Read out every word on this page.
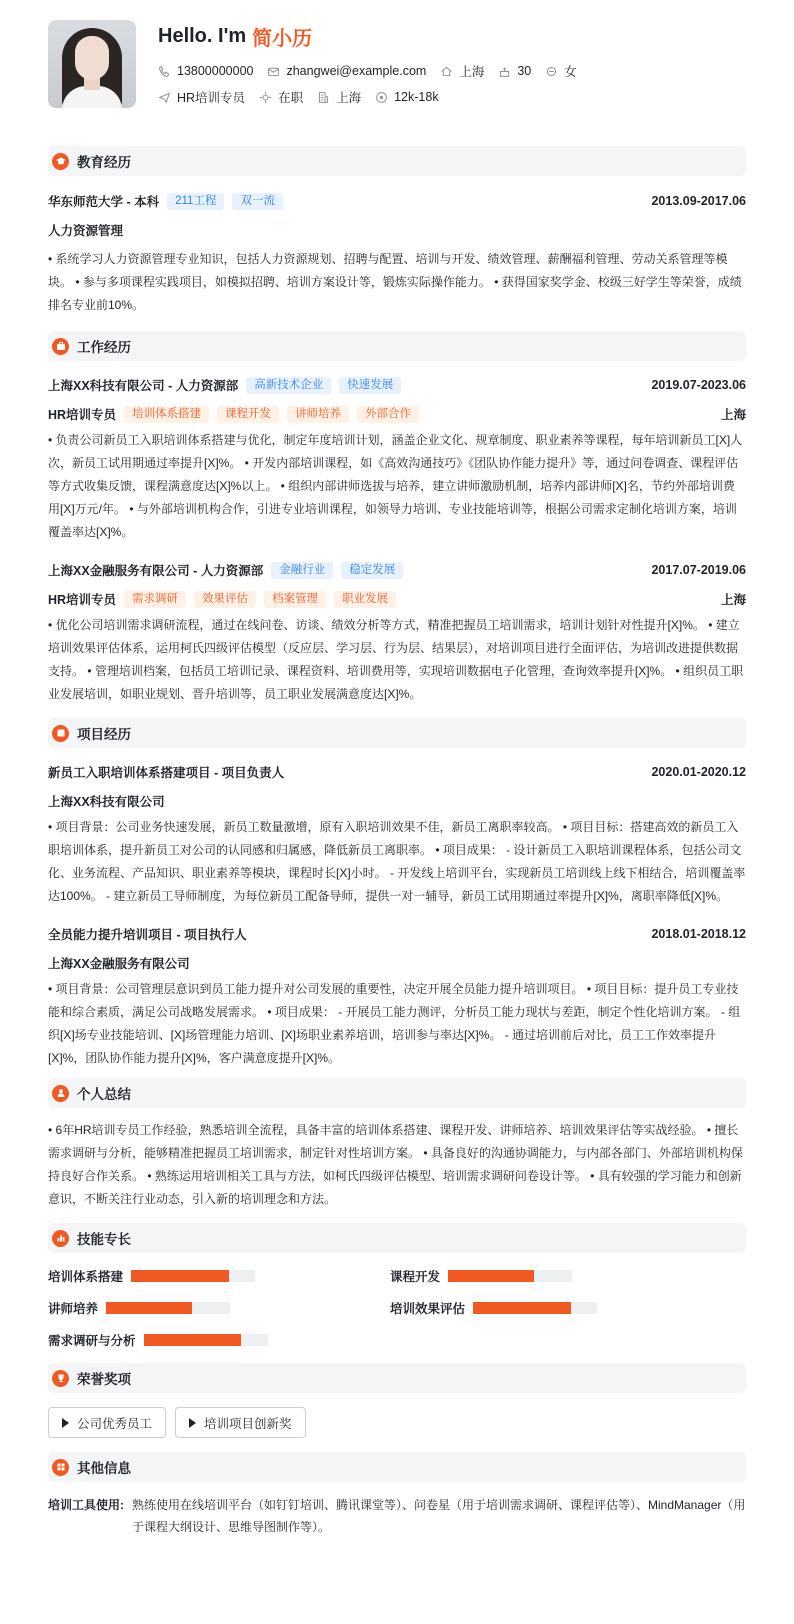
Hello. I'm 简小历
13800000000	zhangwei@example.com	上海	30	女
HR培训专员	在职	上海	12k-18k
教育经历
华东师范大学 - 本科	211工程	双一流	2013.09-2017.06
人力资源管理
• 系统学习人力资源管理专业知识，包括人力资源规划、招聘与配置、培训与开发、绩效管理、薪酬福利管理、劳动关系管理等模块。 • 参与多项课程实践项目，如模拟招聘、培训方案设计等，锻炼实际操作能力。 • 获得国家奖学金、校级三好学生等荣誉，成绩排名专业前10%。
工作经历
上海XX科技有限公司 - 人力资源部	高新技术企业	快速发展	2019.07-2023.06
HR培训专员	培训体系搭建	课程开发	讲师培养	外部合作	上海
• 负责公司新员工入职培训体系搭建与优化，制定年度培训计划，涵盖企业文化、规章制度、职业素养等课程，每年培训新员工[X]人次，新员工试用期通过率提升[X]%。 • 开发内部培训课程，如《高效沟通技巧》《团队协作能力提升》等，通过问卷调查、课程评估等方式收集反馈，课程满意度达[X]%以上。 • 组织内部讲师选拔与培养，建立讲师激励机制，培养内部讲师[X]名，节约外部培训费用[X]万元/年。 • 与外部培训机构合作，引进专业培训课程，如领导力培训、专业技能培训等，根据公司需求定制化培训方案，培训覆盖率达[X]%。
上海XX金融服务有限公司 - 人力资源部	金融行业	稳定发展	2017.07-2019.06
HR培训专员	需求调研	效果评估	档案管理	职业发展	上海
• 优化公司培训需求调研流程，通过在线问卷、访谈、绩效分析等方式，精准把握员工培训需求，培训计划针对性提升[X]%。 • 建立培训效果评估体系，运用柯氏四级评估模型（反应层、学习层、行为层、结果层），对培训项目进行全面评估，为培训改进提供数据支持。 • 管理培训档案，包括员工培训记录、课程资料、培训费用等，实现培训数据电子化管理，查询效率提升[X]%。 • 组织员工职业发展培训，如职业规划、晋升培训等，员工职业发展满意度达[X]%。
项目经历
新员工入职培训体系搭建项目 - 项目负责人	2020.01-2020.12
上海XX科技有限公司
• 项目背景：公司业务快速发展，新员工数量激增，原有入职培训效果不佳，新员工离职率较高。 • 项目目标：搭建高效的新员工入职培训体系，提升新员工对公司的认同感和归属感，降低新员工离职率。 • 项目成果： - 设计新员工入职培训课程体系，包括公司文化、业务流程、产品知识、职业素养等模块，课程时长[X]小时。 - 开发线上培训平台，实现新员工培训线上线下相结合，培训覆盖率达100%。 - 建立新员工导师制度，为每位新员工配备导师，提供一对一辅导，新员工试用期通过率提升[X]%，离职率降低[X]%。
全员能力提升培训项目 - 项目执行人	2018.01-2018.12
上海XX金融服务有限公司
• 项目背景：公司管理层意识到员工能力提升对公司发展的重要性，决定开展全员能力提升培训项目。 • 项目目标：提升员工专业技能和综合素质，满足公司战略发展需求。 • 项目成果： - 开展员工能力测评，分析员工能力现状与差距，制定个性化培训方案。 - 组织[X]场专业技能培训、[X]场管理能力培训、[X]场职业素养培训，培训参与率达[X]%。 - 通过培训前后对比，员工工作效率提升[X]%，团队协作能力提升[X]%，客户满意度提升[X]%。
个人总结
• 6年HR培训专员工作经验，熟悉培训全流程，具备丰富的培训体系搭建、课程开发、讲师培养、培训效果评估等实战经验。 • 擅长需求调研与分析，能够精准把握员工培训需求，制定针对性培训方案。 • 具备良好的沟通协调能力，与内部各部门、外部培训机构保持良好合作关系。 • 熟练运用培训相关工具与方法，如柯氏四级评估模型、培训需求调研问卷设计等。 • 具有较强的学习能力和创新意识，不断关注行业动态，引入新的培训理念和方法。
技能专长
培训体系搭建	课程开发
讲师培养	培训效果评估
需求调研与分析
荣誉奖项
公司优秀员工	培训项目创新奖
其他信息
培训工具使用: 熟练使用在线培训平台（如钉钉培训、腾讯课堂等）、问卷星（用于培训需求调研、课程评估等）、MindManager（用于课程大纲设计、思维导图制作等）。
